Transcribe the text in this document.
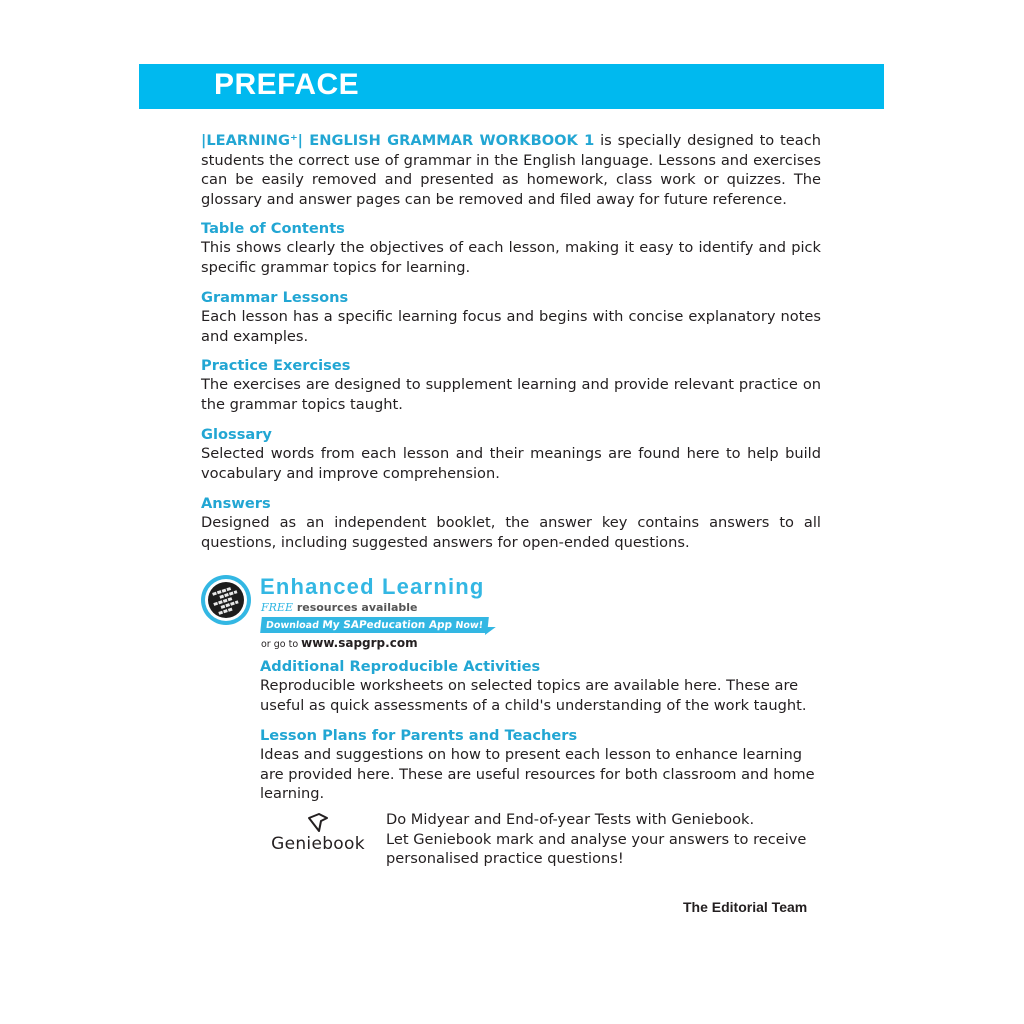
PREFACE
|LEARNING⁺| ENGLISH GRAMMAR WORKBOOK 1 is specially designed to teach students the correct use of grammar in the English language. Lessons and exercises can be easily removed and presented as homework, class work or quizzes. The glossary and answer pages can be removed and filed away for future reference.
Table of Contents
This shows clearly the objectives of each lesson, making it easy to identify and pick specific grammar topics for learning.
Grammar Lessons
Each lesson has a specific learning focus and begins with concise explanatory notes and examples.
Practice Exercises
The exercises are designed to supplement learning and provide relevant practice on the grammar topics taught.
Glossary
Selected words from each lesson and their meanings are found here to help build vocabulary and improve comprehension.
Answers
Designed as an independent booklet, the answer key contains answers to all questions, including suggested answers for open-ended questions.
Enhanced Learning
FREE resources available
Download My SAPeducation App Now!
or go to www.sapgrp.com
Additional Reproducible Activities
Reproducible worksheets on selected topics are available here. These are useful as quick assessments of a child's understanding of the work taught.
Lesson Plans for Parents and Teachers
Ideas and suggestions on how to present each lesson to enhance learning are provided here. These are useful resources for both classroom and home learning.
Geniebook
Do Midyear and End-of-year Tests with Geniebook.
Let Geniebook mark and analyse your answers to receive personalised practice questions!
The Editorial Team
